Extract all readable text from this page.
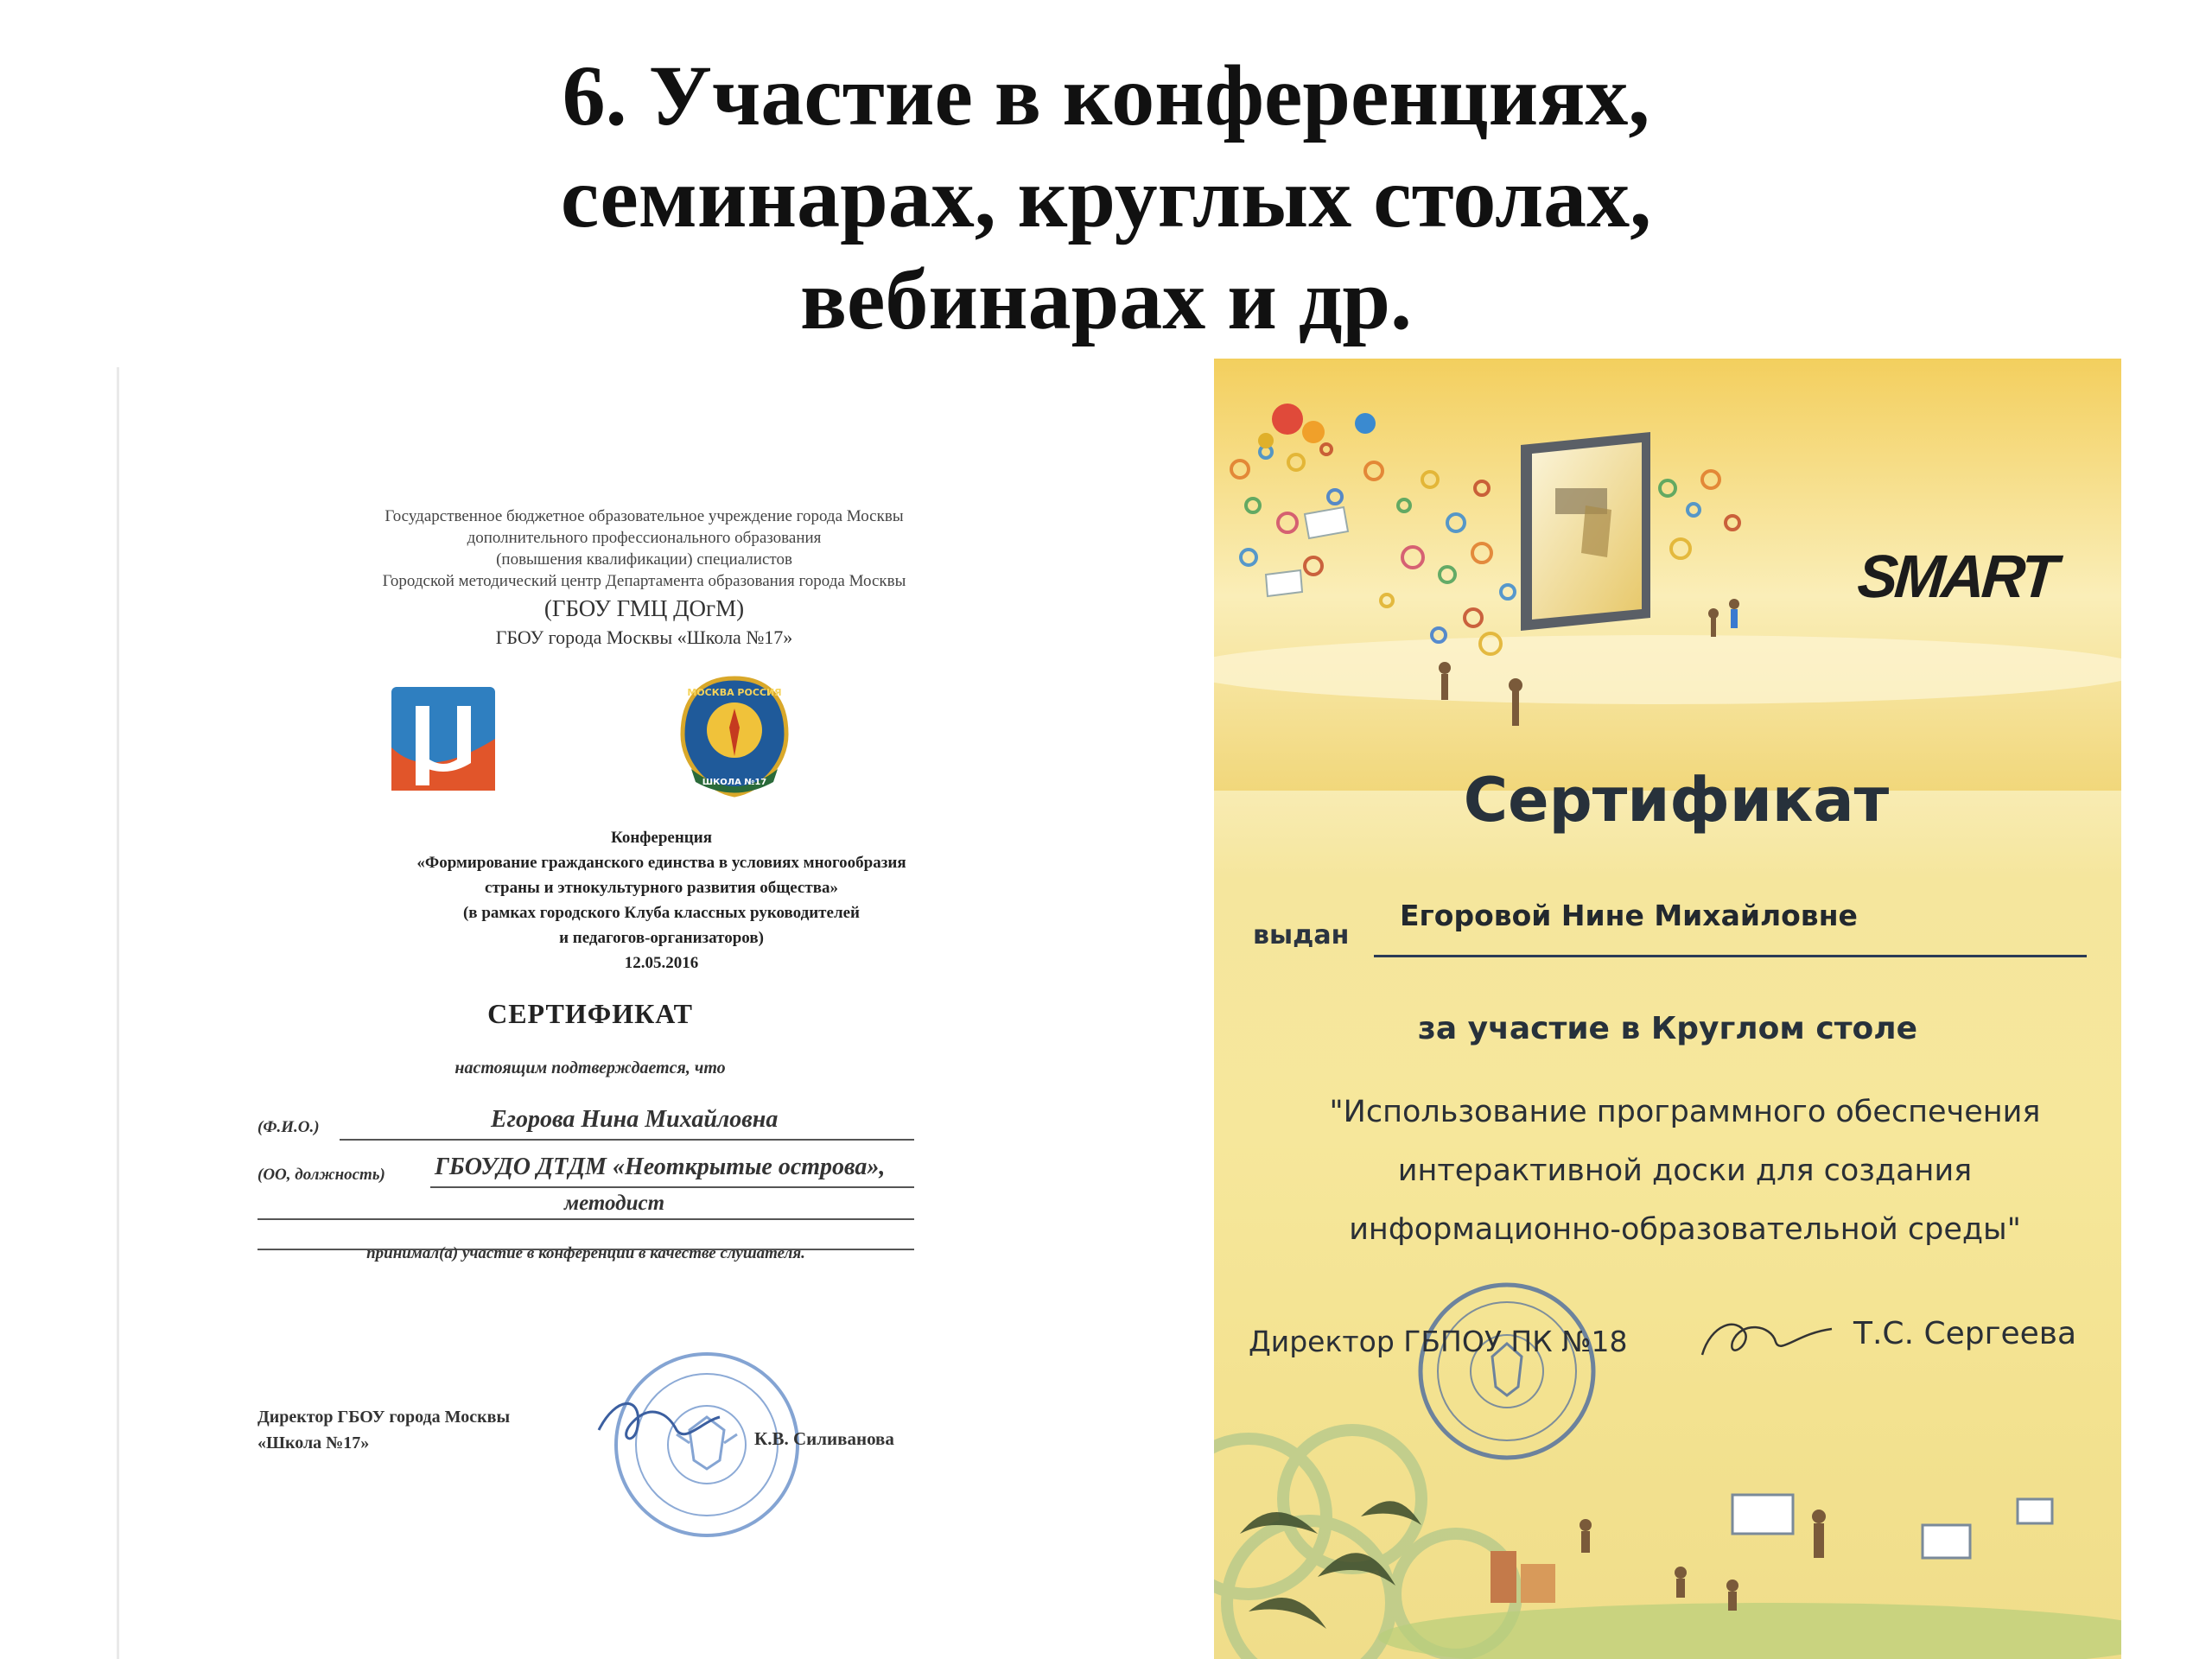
6. Участие в конференциях,
семинарах, круглых столах,
вебинарах и др.
Государственное бюджетное образовательное учреждение города Москвы
дополнительного профессионального образования
(повышения квалификации) специалистов
Городской методический центр Департамента образования города Москвы
(ГБОУ ГМЦ ДОгМ)
ГБОУ города Москвы «Школа №17»
МОСКВА РОССИЯ
ШКОЛА №17
Конференция
«Формирование гражданского единства в условиях многообразия
страны и этнокультурного развития общества»
(в рамках городского Клуба классных руководителей
и педагогов-организаторов)
12.05.2016
СЕРТИФИКАТ
настоящим подтверждается, что
(Ф.И.О.)	Егорова Нина Михайловна
(ОО, должность) ГБОУДО ДТДМ «Неоткрытые острова»,
методист
принимал(а) участие в конференции в качестве слушателя.
Директор ГБОУ города Москвы
«Школа №17»	К.В. Силиванова
SMART
Сертификат
выдан
Егоровой Нине Михайловне
за участие в Круглом столе
"Использование программного обеспечения
интерактивной доски для создания
информационно-образовательной среды"
Директор ГБПОУ ПК №18	Т.С. Сергеева
